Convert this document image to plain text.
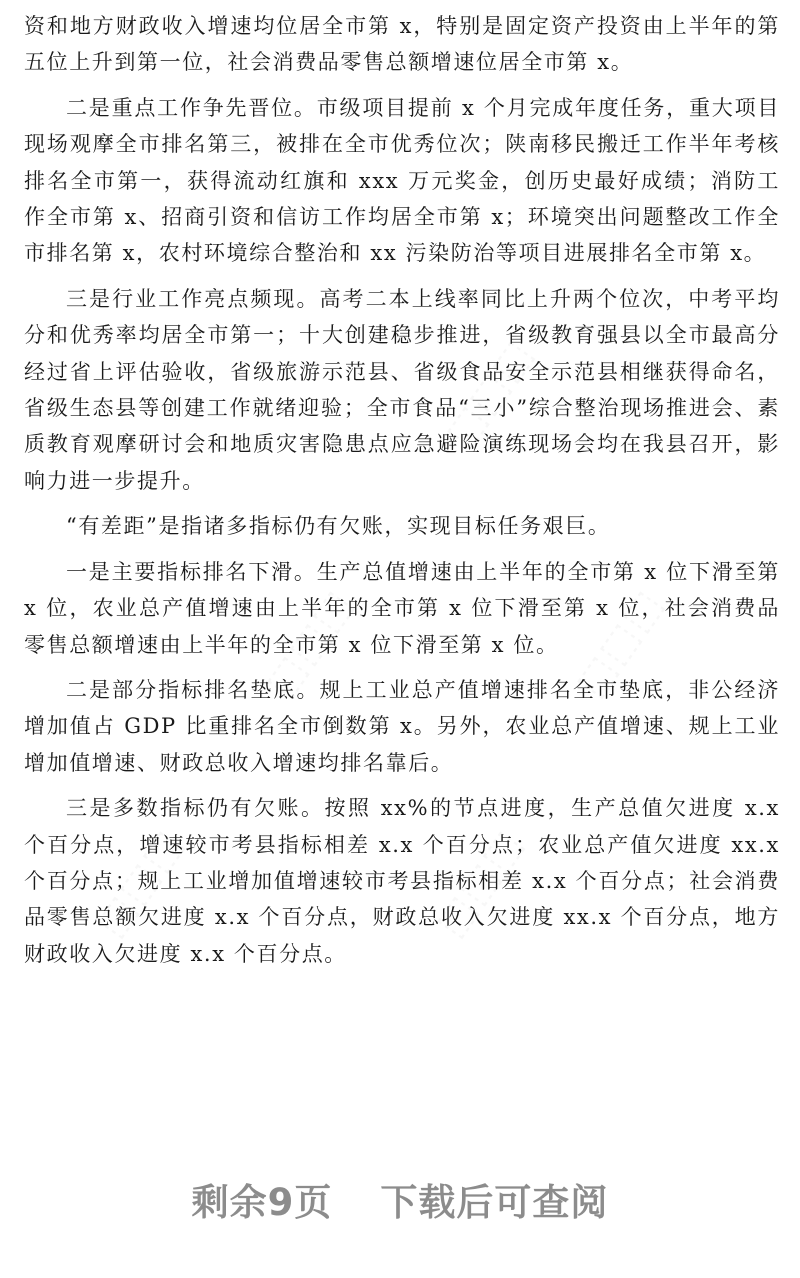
资和地方财政收入增速均位居全市第 x，特别是固定资产投资由上半年的第五位上升到第一位，社会消费品零售总额增速位居全市第 x。

二是重点工作争先晋位。市级项目提前 x 个月完成年度任务，重大项目现场观摩全市排名第三，被排在全市优秀位次；陕南移民搬迁工作半年考核排名全市第一，获得流动红旗和 xxx 万元奖金，创历史最好成绩；消防工作全市第 x、招商引资和信访工作均居全市第 x；环境突出问题整改工作全市排名第 x，农村环境综合整治和 xx 污染防治等项目进展排名全市第 x。

三是行业工作亮点频现。高考二本上线率同比上升两个位次，中考平均分和优秀率均居全市第一；十大创建稳步推进，省级教育强县以全市最高分经过省上评估验收，省级旅游示范县、省级食品安全示范县相继获得命名，省级生态县等创建工作就绪迎验；全市食品“三小”综合整治现场推进会、素质教育观摩研讨会和地质灾害隐患点应急避险演练现场会均在我县召开，影响力进一步提升。

“有差距”是指诸多指标仍有欠账，实现目标任务艰巨。

一是主要指标排名下滑。生产总值增速由上半年的全市第 x 位下滑至第 x 位，农业总产值增速由上半年的全市第 x 位下滑至第 x 位，社会消费品零售总额增速由上半年的全市第 x 位下滑至第 x 位。

二是部分指标排名垫底。规上工业总产值增速排名全市垫底，非公经济增加值占 GDP 比重排名全市倒数第 x。另外，农业总产值增速、规上工业增加值增速、财政总收入增速均排名靠后。

三是多数指标仍有欠账。按照 xx%的节点进度，生产总值欠进度 x.x 个百分点，增速较市考县指标相差 x.x 个百分点；农业总产值欠进度 xx.x 个百分点；规上工业增加值增速较市考县指标相差 x.x 个百分点；社会消费品零售总额欠进度 x.x 个百分点，财政总收入欠进度 xx.x 个百分点，地方财政收入欠进度 x.x 个百分点。

⬚⬚⬚
⬚⬚⬚	⬚⬚⬚
⬚⬚⬚	⬚⬚⬚
剩余9页 下载后可查阅
